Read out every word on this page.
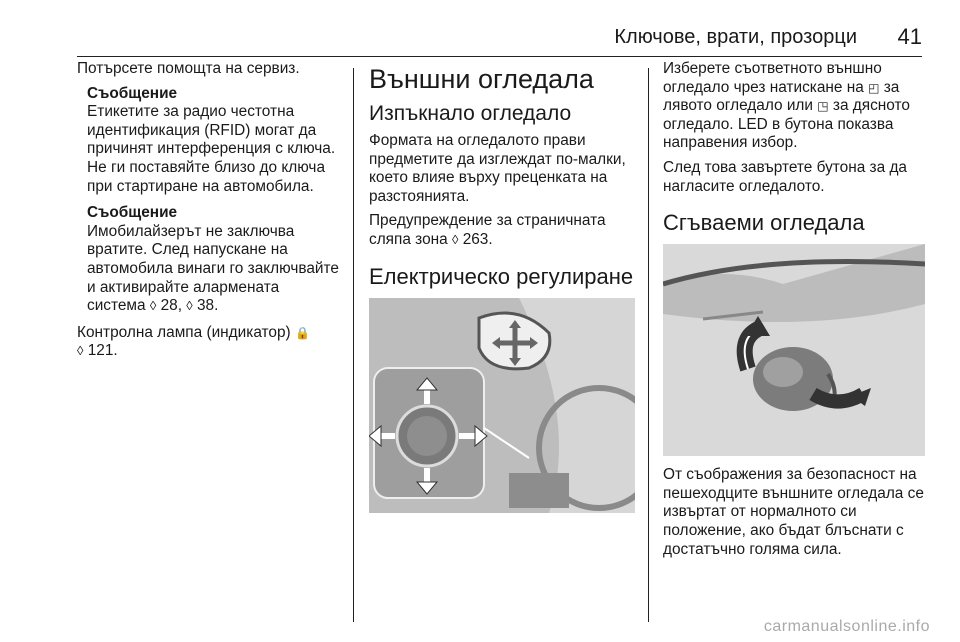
Ключове, врати, прозорци 41

Потърсете помощта на сервиз.

Съобщение

Етикетите за радио честотна идентификация (RFID) могат да причинят интерференция с ключа. Не ги поставяйте близо до ключа при стартиране на автомобила.

Съобщение

Имобилайзерът не заключва вратите. След напускане на автомобила винаги го заключвайте и активирайте алармената система ◊ 28, ◊ 38.

Контролна лампа (индикатор) 🔒
◊ 121.

Външни огледала
Изпъкнало огледало

Формата на огледалото прави предметите да изглеждат по-малки, което влияе върху преценката на разстоянията.

Предупреждение за страничната сляпа зона ◊ 263.

Електрическо регулиране

Изберете съответното външно огледало чрез натискане на ◰ за лявото огледало или ◳ за дясното огледало. LED в бутона показва направения избор.

След това завъртете бутона за да нагласите огледалото.

Сгъваеми огледала

От съображения за безопасност на пешеходците външните огледала се извъртат от нормалното си положение, ако бъдат блъснати с достатъчно голяма сила.

carmanualsonline.info
